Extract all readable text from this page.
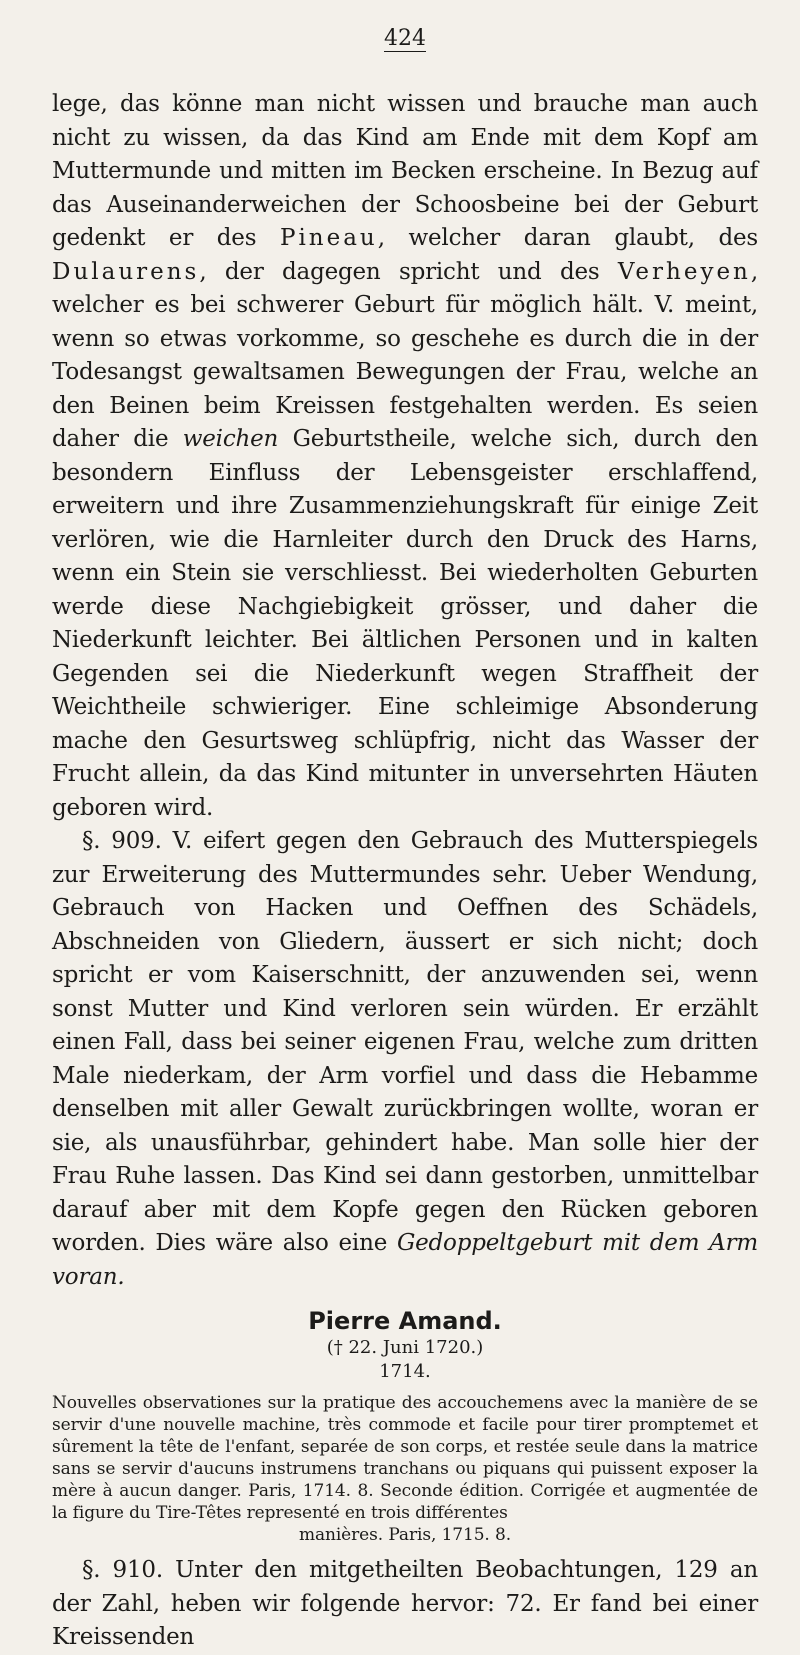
424

lege, das könne man nicht wissen und brauche man auch nicht zu wissen, da das Kind am Ende mit dem Kopf am Muttermunde und mitten im Becken erscheine. In Bezug auf das Auseinanderweichen der Schoosbeine bei der Geburt gedenkt er des Pineau, welcher daran glaubt, des Dulaurens, der dagegen spricht und des Verheyen, welcher es bei schwerer Geburt für möglich hält. V. meint, wenn so etwas vorkomme, so geschehe es durch die in der Todesangst gewaltsamen Bewegungen der Frau, welche an den Beinen beim Kreissen festgehalten werden. Es seien daher die weichen Geburtstheile, welche sich, durch den besondern Einfluss der Lebensgeister erschlaffend, erweitern und ihre Zusammenziehungskraft für einige Zeit verlören, wie die Harnleiter durch den Druck des Harns, wenn ein Stein sie verschliesst. Bei wiederholten Geburten werde diese Nachgiebigkeit grösser, und daher die Niederkunft leichter. Bei ältlichen Personen und in kalten Gegenden sei die Niederkunft wegen Straffheit der Weichtheile schwieriger. Eine schleimige Absonderung mache den Gesurtsweg schlüpfrig, nicht das Wasser der Frucht allein, da das Kind mitunter in unversehrten Häuten geboren wird.

§. 909. V. eifert gegen den Gebrauch des Mutterspiegels zur Erweiterung des Muttermundes sehr. Ueber Wendung, Gebrauch von Hacken und Oeffnen des Schädels, Abschneiden von Gliedern, äussert er sich nicht; doch spricht er vom Kaiserschnitt, der anzuwenden sei, wenn sonst Mutter und Kind verloren sein würden. Er erzählt einen Fall, dass bei seiner eigenen Frau, welche zum dritten Male niederkam, der Arm vorfiel und dass die Hebamme denselben mit aller Gewalt zurückbringen wollte, woran er sie, als unausführbar, gehindert habe. Man solle hier der Frau Ruhe lassen. Das Kind sei dann gestorben, unmittelbar darauf aber mit dem Kopfe gegen den Rücken geboren worden. Dies wäre also eine Gedoppeltgeburt mit dem Arm voran.

Pierre Amand.
(† 22. Juni 1720.)
1714.
Nouvelles observationes sur la pratique des accouchemens avec la manière de se servir d'une nouvelle machine, très commode et facile pour tirer promptemet et sûrement la tête de l'enfant, separée de son corps, et restée seule dans la matrice sans se servir d'aucuns instrumens tranchans ou piquans qui puissent exposer la mère à aucun danger. Paris, 1714. 8. Seconde édition. Corrigée et augmentée de la figure du Tire-Têtes representé en trois différentes
manières. Paris, 1715. 8.

§. 910. Unter den mitgetheilten Beobachtungen, 129 an der Zahl, heben wir folgende hervor: 72. Er fand bei einer Kreissenden
